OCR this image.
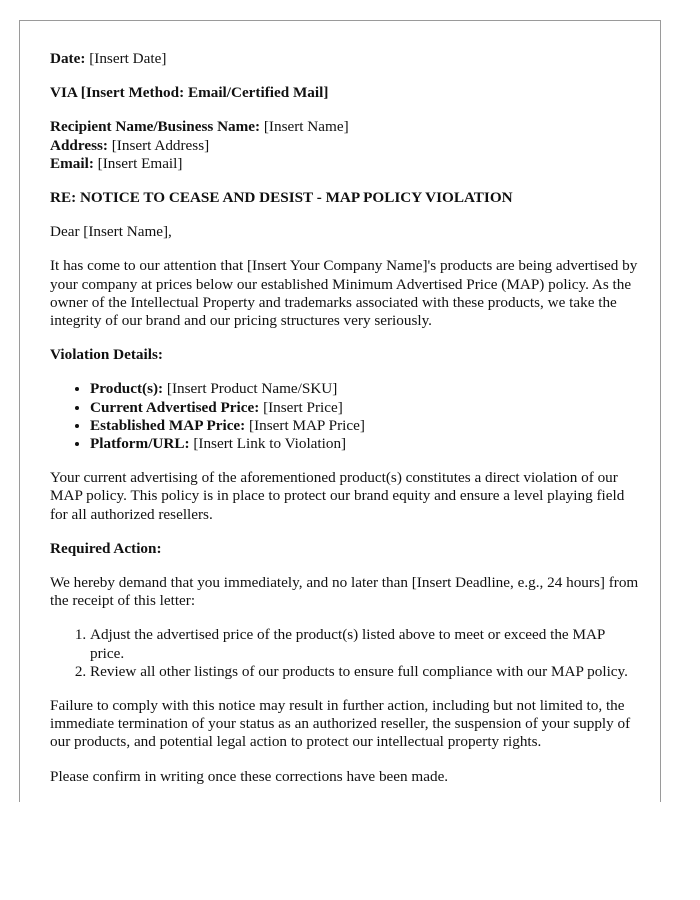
Date: [Insert Date]

VIA [Insert Method: Email/Certified Mail]

Recipient Name/Business Name: [Insert Name]
Address: [Insert Address]
Email: [Insert Email]

RE: NOTICE TO CEASE AND DESIST - MAP POLICY VIOLATION

Dear [Insert Name],

It has come to our attention that [Insert Your Company Name]'s products are being advertised by your company at prices below our established Minimum Advertised Price (MAP) policy. As the owner of the Intellectual Property and trademarks associated with these products, we take the integrity of our brand and our pricing structures very seriously.

Violation Details:

• Product(s): [Insert Product Name/SKU]
• Current Advertised Price: [Insert Price]
• Established MAP Price: [Insert MAP Price]
• Platform/URL: [Insert Link to Violation]

Your current advertising of the aforementioned product(s) constitutes a direct violation of our MAP policy. This policy is in place to protect our brand equity and ensure a level playing field for all authorized resellers.

Required Action:

We hereby demand that you immediately, and no later than [Insert Deadline, e.g., 24 hours] from the receipt of this letter:

1. Adjust the advertised price of the product(s) listed above to meet or exceed the MAP price.
2. Review all other listings of our products to ensure full compliance with our MAP policy.

Failure to comply with this notice may result in further action, including but not limited to, the immediate termination of your status as an authorized reseller, the suspension of your supply of our products, and potential legal action to protect our intellectual property rights.

Please confirm in writing once these corrections have been made.
